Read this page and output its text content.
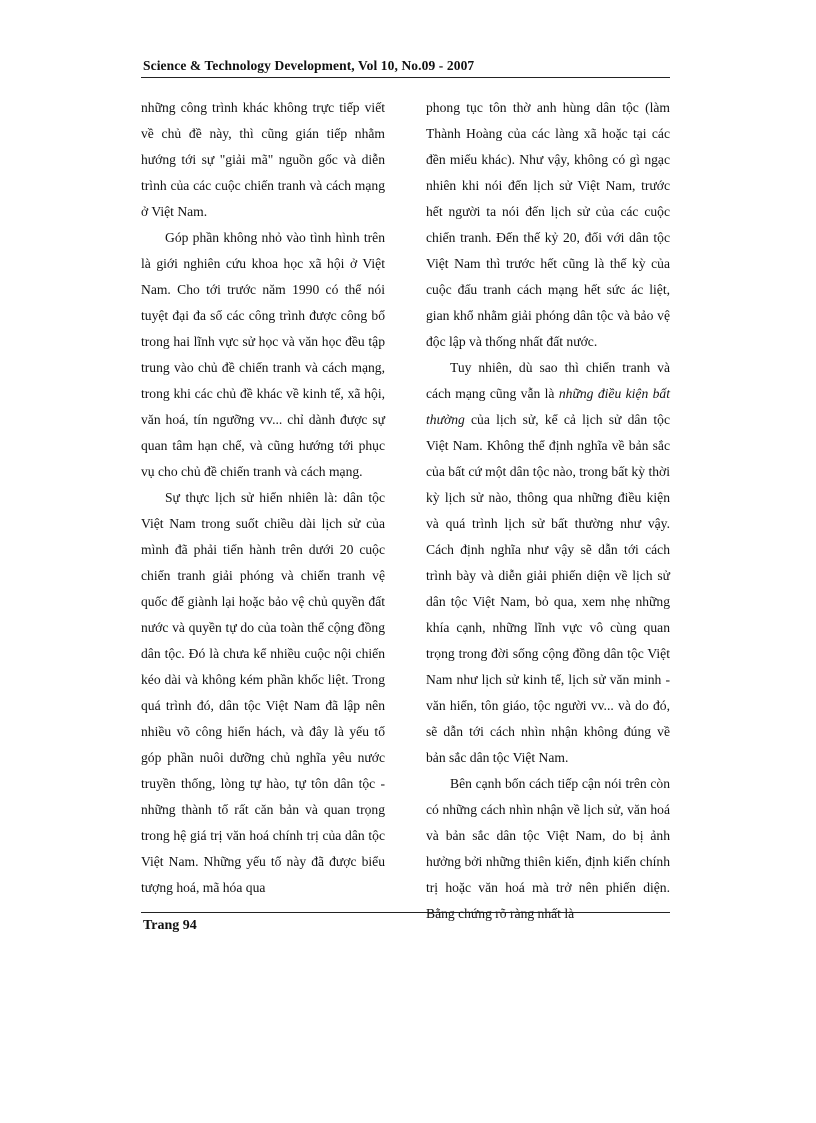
Science & Technology Development, Vol 10, No.09 - 2007

những công trình khác không trực tiếp viết về chủ đề này, thì cũng gián tiếp nhằm hướng tới sự "giải mã" nguồn gốc và diễn trình của các cuộc chiến tranh và cách mạng ở Việt Nam.

Góp phần không nhỏ vào tình hình trên là giới nghiên cứu khoa học xã hội ở Việt Nam. Cho tới trước năm 1990 có thể nói tuyệt đại đa số các công trình được công bố trong hai lĩnh vực sử học và văn học đều tập trung vào chủ đề chiến tranh và cách mạng, trong khi các chủ đề khác về kinh tế, xã hội, văn hoá, tín ngưỡng vv... chỉ dành được sự quan tâm hạn chế, và cũng hướng tới phục vụ cho chủ đề chiến tranh và cách mạng.

Sự thực lịch sử hiển nhiên là: dân tộc Việt Nam trong suốt chiều dài lịch sử của mình đã phải tiến hành trên dưới 20 cuộc chiến tranh giải phóng và chiến tranh vệ quốc để giành lại hoặc bảo vệ chủ quyền đất nước và quyền tự do của toàn thể cộng đồng dân tộc. Đó là chưa kể nhiều cuộc nội chiến kéo dài và không kém phần khốc liệt. Trong quá trình đó, dân tộc Việt Nam đã lập nên nhiều võ công hiển hách, và đây là yếu tố góp phần nuôi dưỡng chủ nghĩa yêu nước truyền thống, lòng tự hào, tự tôn dân tộc - những thành tố rất căn bản và quan trọng trong hệ giá trị văn hoá chính trị của dân tộc Việt Nam. Những yếu tố này đã được biểu tượng hoá, mã hóa qua

phong tục tôn thờ anh hùng dân tộc (làm Thành Hoàng của các làng xã hoặc tại các đền miếu khác). Như vậy, không có gì ngạc nhiên khi nói đến lịch sử Việt Nam, trước hết người ta nói đến lịch sử của các cuộc chiến tranh. Đến thế kỷ 20, đối với dân tộc Việt Nam thì trước hết cũng là thế kỳ của cuộc đấu tranh cách mạng hết sức ác liệt, gian khổ nhằm giải phóng dân tộc và bảo vệ độc lập và thống nhất đất nước.

Tuy nhiên, dù sao thì chiến tranh và cách mạng cũng vẫn là những điều kiện bất thường của lịch sử, kể cả lịch sử dân tộc Việt Nam. Không thể định nghĩa về bản sắc của bất cứ một dân tộc nào, trong bất kỳ thời kỳ lịch sử nào, thông qua những điều kiện và quá trình lịch sử bất thường như vậy. Cách định nghĩa như vậy sẽ dẫn tới cách trình bày và diễn giải phiến diện về lịch sử dân tộc Việt Nam, bỏ qua, xem nhẹ những khía cạnh, những lĩnh vực vô cùng quan trọng trong đời sống cộng đồng dân tộc Việt Nam như lịch sử kinh tế, lịch sử văn minh - văn hiến, tôn giáo, tộc người vv... và do đó, sẽ dẫn tới cách nhìn nhận không đúng về bản sắc dân tộc Việt Nam.

Bên cạnh bốn cách tiếp cận nói trên còn có những cách nhìn nhận về lịch sử, văn hoá và bản sắc dân tộc Việt Nam, do bị ảnh hưởng bởi những thiên kiến, định kiến chính trị hoặc văn hoá mà trở nên phiến diện. Bằng chứng rõ ràng nhất là

Trang 94
